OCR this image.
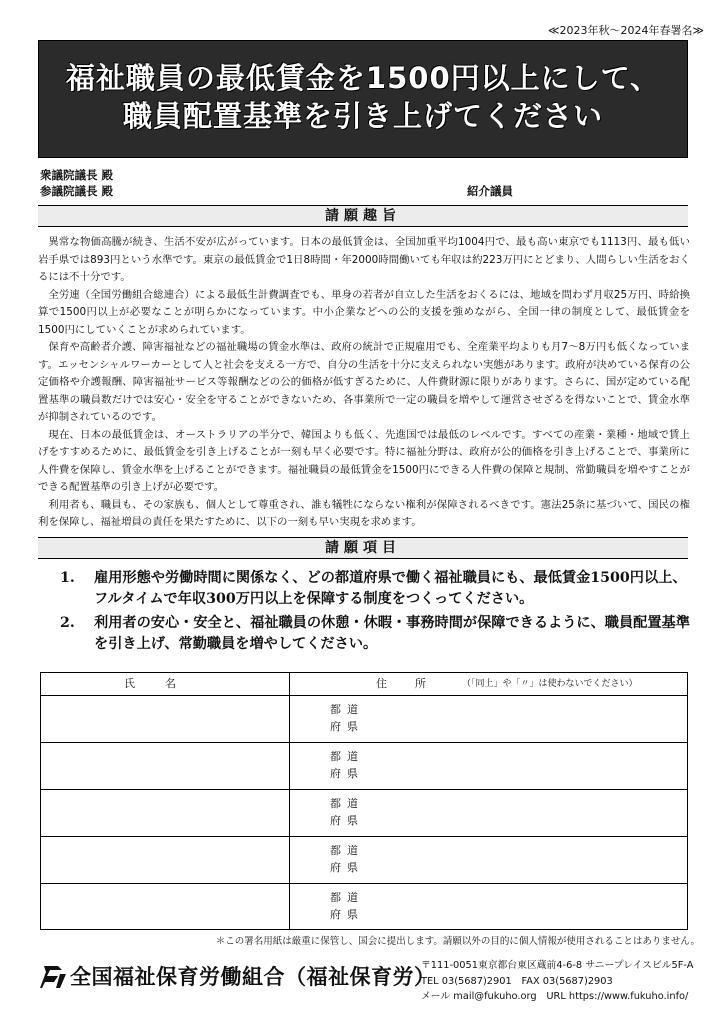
≪2023年秋～2024年春署名≫
福祉職員の最低賃金を1500円以上にして、
職員配置基準を引き上げてください
衆議院議長 殿
参議院議長 殿	紹介議員
請願趣旨

異常な物価高騰が続き、生活不安が広がっています。日本の最低賃金は、全国加重平均1004円で、最も高い東京でも1113円、最も低い岩手県では893円という水準です。東京の最低賃金で1日8時間・年2000時間働いても年収は約223万円にとどまり、人間らしい生活をおくるには不十分です。

全労連（全国労働組合総連合）による最低生計費調査でも、単身の若者が自立した生活をおくるには、地域を問わず月収25万円、時給換算で1500円以上が必要なことが明らかになっています。中小企業などへの公的支援を強めながら、全国一律の制度として、最低賃金を1500円にしていくことが求められています。

保育や高齢者介護、障害福祉などの福祉職場の賃金水準は、政府の統計で正規雇用でも、全産業平均よりも月7～8万円も低くなっています。エッセンシャルワーカーとして人と社会を支える一方で、自分の生活を十分に支えられない実態があります。政府が決めている保育の公定価格や介護報酬、障害福祉サービス等報酬などの公的価格が低すぎるために、人件費財源に限りがあります。さらに、国が定めている配置基準の職員数だけでは安心・安全を守ることができないため、各事業所で一定の職員を増やして運営させざるを得ないことで、賃金水準が抑制されているのです。

現在、日本の最低賃金は、オーストラリアの半分で、韓国よりも低く、先進国では最低のレベルです。すべての産業・業種・地域で賃上げをすすめるために、最低賃金を引き上げることが一刻も早く必要です。特に福祉分野は、政府が公的価格を引き上げることで、事業所に人件費を保障し、賃金水準を上げることができます。福祉職員の最低賃金を1500円にできる人件費の保障と規制、常勤職員を増やすことができる配置基準の引き上げが必要です。

利用者も、職員も、その家族も、個人として尊重され、誰も犠牲にならない権利が保障されるべきです。憲法25条に基づいて、国民の権利を保障し、福祉増員の責任を果たすために、以下の一刻も早い実現を求めます。

請願項目
1.	雇用形態や労働時間に関係なく、どの都道府県で働く福祉職員にも、最低賃金1500円以上、フルタイムで年収300万円以上を保障する制度をつくってください。
2.	利用者の安心・安全と、福祉職員の休憩・休暇・事務時間が保障できるように、職員配置基準を引き上げ、常勤職員を増やしてください。
氏名	住所 （「同上」や「〃」は使わないでください）
都道
府県
都道
府県
都道
府県
都道
府県
都道
府県
＊この署名用紙は厳重に保管し、国会に提出します。請願以外の目的に個人情報が使用されることはありません。
全国福祉保育労働組合（福祉保育労）
〒111-0051東京都台東区蔵前4-6-8 サニープレイスビル5F-A
TEL 03(5687)2901　FAX 03(5687)2903
メール mail@fukuho.org　URL https://www.fukuho.info/
